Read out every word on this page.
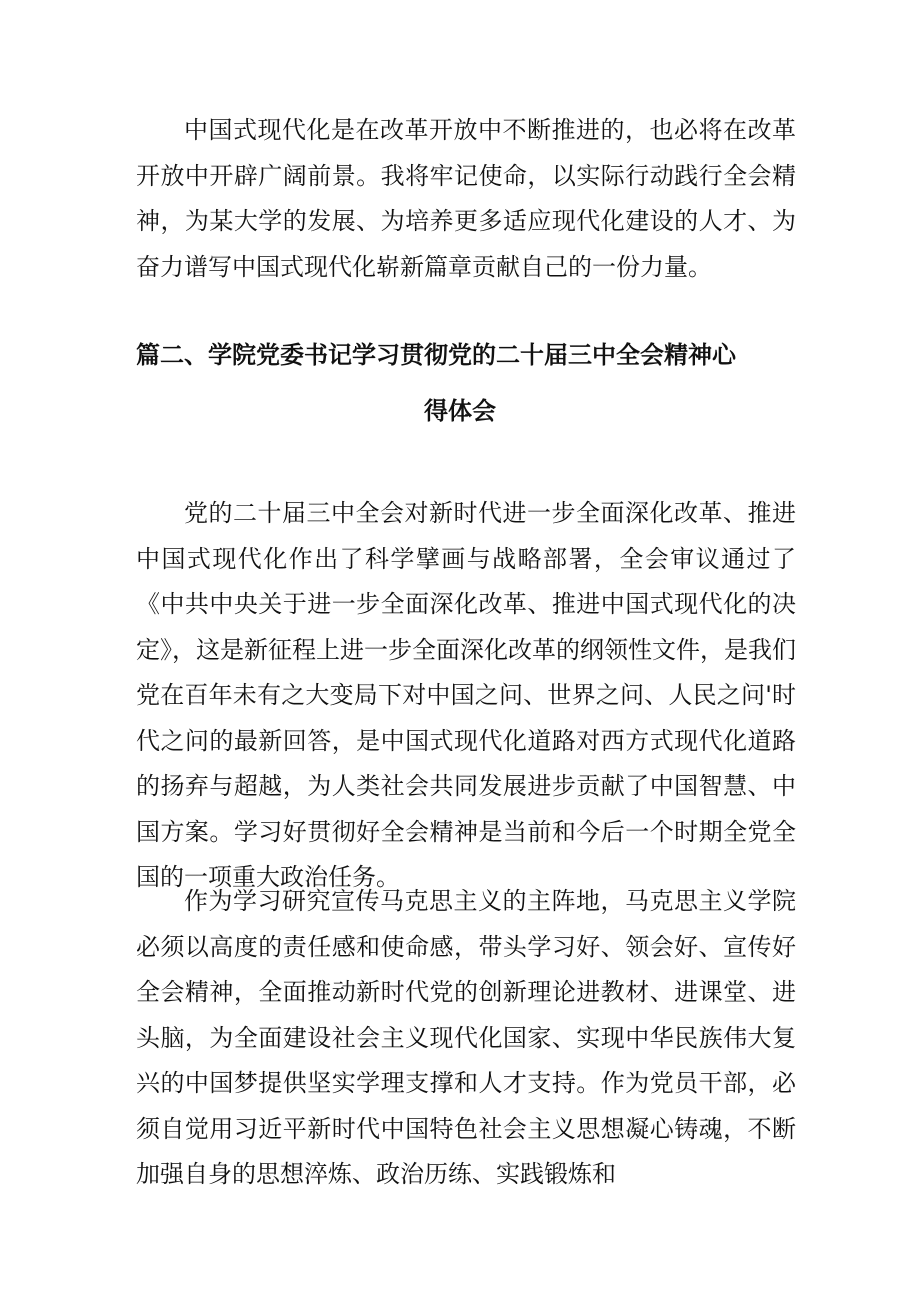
中国式现代化是在改革开放中不断推进的，也必将在改革开放中开辟广阔前景。我将牢记使命，以实际行动践行全会精神，为某大学的发展、为培养更多适应现代化建设的人才、为奋力谱写中国式现代化崭新篇章贡献自己的一份力量。

篇二、学院党委书记学习贯彻党的二十届三中全会精神心
得体会

党的二十届三中全会对新时代进一步全面深化改革、推进中国式现代化作出了科学擘画与战略部署，全会审议通过了《中共中央关于进一步全面深化改革、推进中国式现代化的决定》，这是新征程上进一步全面深化改革的纲领性文件，是我们党在百年未有之大变局下对中国之问、世界之问、人民之问'时代之问的最新回答，是中国式现代化道路对西方式现代化道路的扬弃与超越，为人类社会共同发展进步贡献了中国智慧、中国方案。学习好贯彻好全会精神是当前和今后一个时期全党全国的一项重大政治任务。

作为学习研究宣传马克思主义的主阵地，马克思主义学院必须以高度的责任感和使命感，带头学习好、领会好、宣传好全会精神，全面推动新时代党的创新理论进教材、进课堂、进头脑，为全面建设社会主义现代化国家、实现中华民族伟大复兴的中国梦提供坚实学理支撑和人才支持。作为党员干部，必须自觉用习近平新时代中国特色社会主义思想凝心铸魂，不断加强自身的思想淬炼、政治历练、实践锻炼和
